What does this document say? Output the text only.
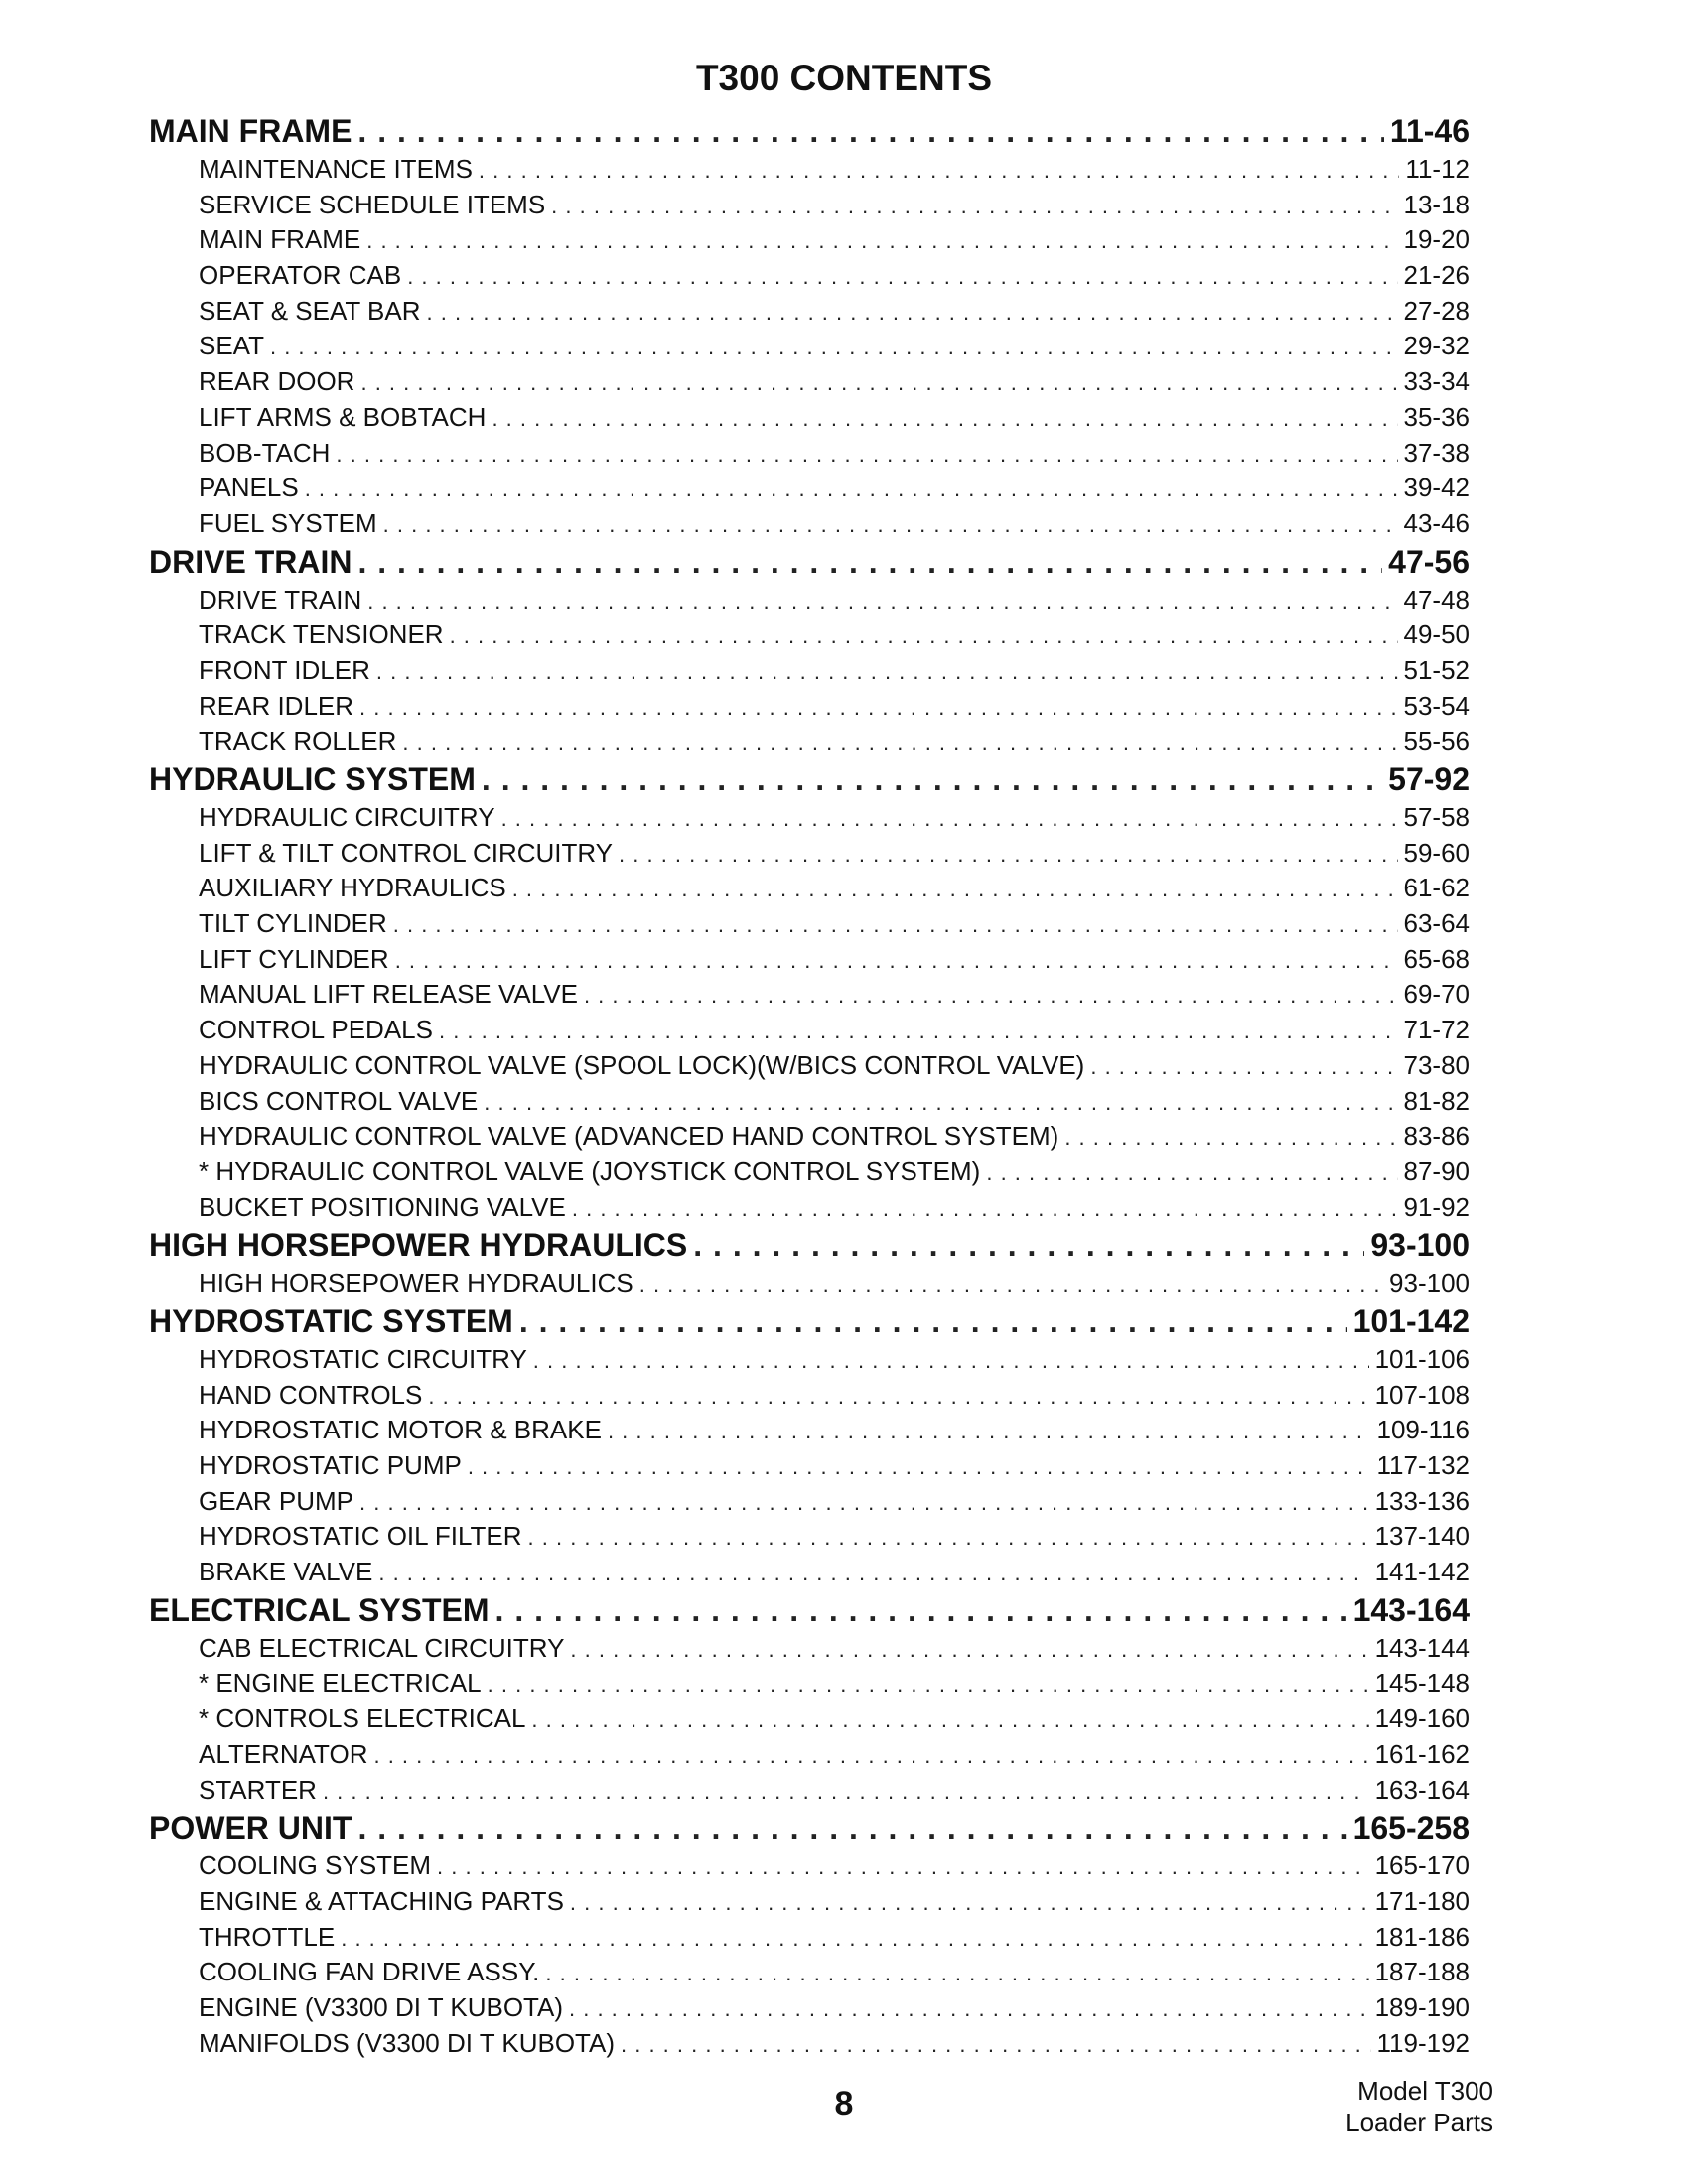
T300 CONTENTS
MAIN FRAME . . .	11-46
MAINTENANCE ITEMS . . .	11-12
SERVICE SCHEDULE ITEMS . . .	13-18
MAIN FRAME . . .	19-20
OPERATOR CAB . . .	21-26
SEAT & SEAT BAR . . .	27-28
SEAT . . .	29-32
REAR DOOR . . .	33-34
LIFT ARMS & BOBTACH . . .	35-36
BOB-TACH . . .	37-38
PANELS . . .	39-42
FUEL SYSTEM . . .	43-46
DRIVE TRAIN . . .	47-56
DRIVE TRAIN . . .	47-48
TRACK TENSIONER . . .	49-50
FRONT IDLER . . .	51-52
REAR IDLER . . .	53-54
TRACK ROLLER . . .	55-56
HYDRAULIC SYSTEM . . .	57-92
HYDRAULIC CIRCUITRY . . .	57-58
LIFT & TILT CONTROL CIRCUITRY . . .	59-60
AUXILIARY HYDRAULICS . . .	61-62
TILT CYLINDER . . .	63-64
LIFT CYLINDER . . .	65-68
MANUAL LIFT RELEASE VALVE . . .	69-70
CONTROL PEDALS . . .	71-72
HYDRAULIC CONTROL VALVE (SPOOL LOCK)(W/BICS CONTROL VALVE) . . .	73-80
BICS CONTROL VALVE . . .	81-82
HYDRAULIC CONTROL VALVE (ADVANCED HAND CONTROL SYSTEM) . . .	83-86
* HYDRAULIC CONTROL VALVE (JOYSTICK CONTROL SYSTEM) . . .	87-90
BUCKET POSITIONING VALVE . . .	91-92
HIGH HORSEPOWER HYDRAULICS . . .	93-100
HIGH HORSEPOWER HYDRAULICS . . .	93-100
HYDROSTATIC SYSTEM . . .	101-142
HYDROSTATIC CIRCUITRY . . .	101-106
HAND CONTROLS . . .	107-108
HYDROSTATIC MOTOR & BRAKE . . .	109-116
HYDROSTATIC PUMP . . .	117-132
GEAR PUMP . . .	133-136
HYDROSTATIC OIL FILTER . . .	137-140
BRAKE VALVE . . .	141-142
ELECTRICAL SYSTEM . . .	143-164
CAB ELECTRICAL CIRCUITRY . . .	143-144
* ENGINE ELECTRICAL . . .	145-148
* CONTROLS ELECTRICAL . . .	149-160
ALTERNATOR . . .	161-162
STARTER . . .	163-164
POWER UNIT . . .	165-258
COOLING SYSTEM . . .	165-170
ENGINE & ATTACHING PARTS . . .	171-180
THROTTLE . . .	181-186
COOLING FAN DRIVE ASSY. . . .	187-188
ENGINE (V3300 DI T KUBOTA) . . .	189-190
MANIFOLDS (V3300 DI T KUBOTA) . . .	119-192
8	Model T300
Loader Parts
